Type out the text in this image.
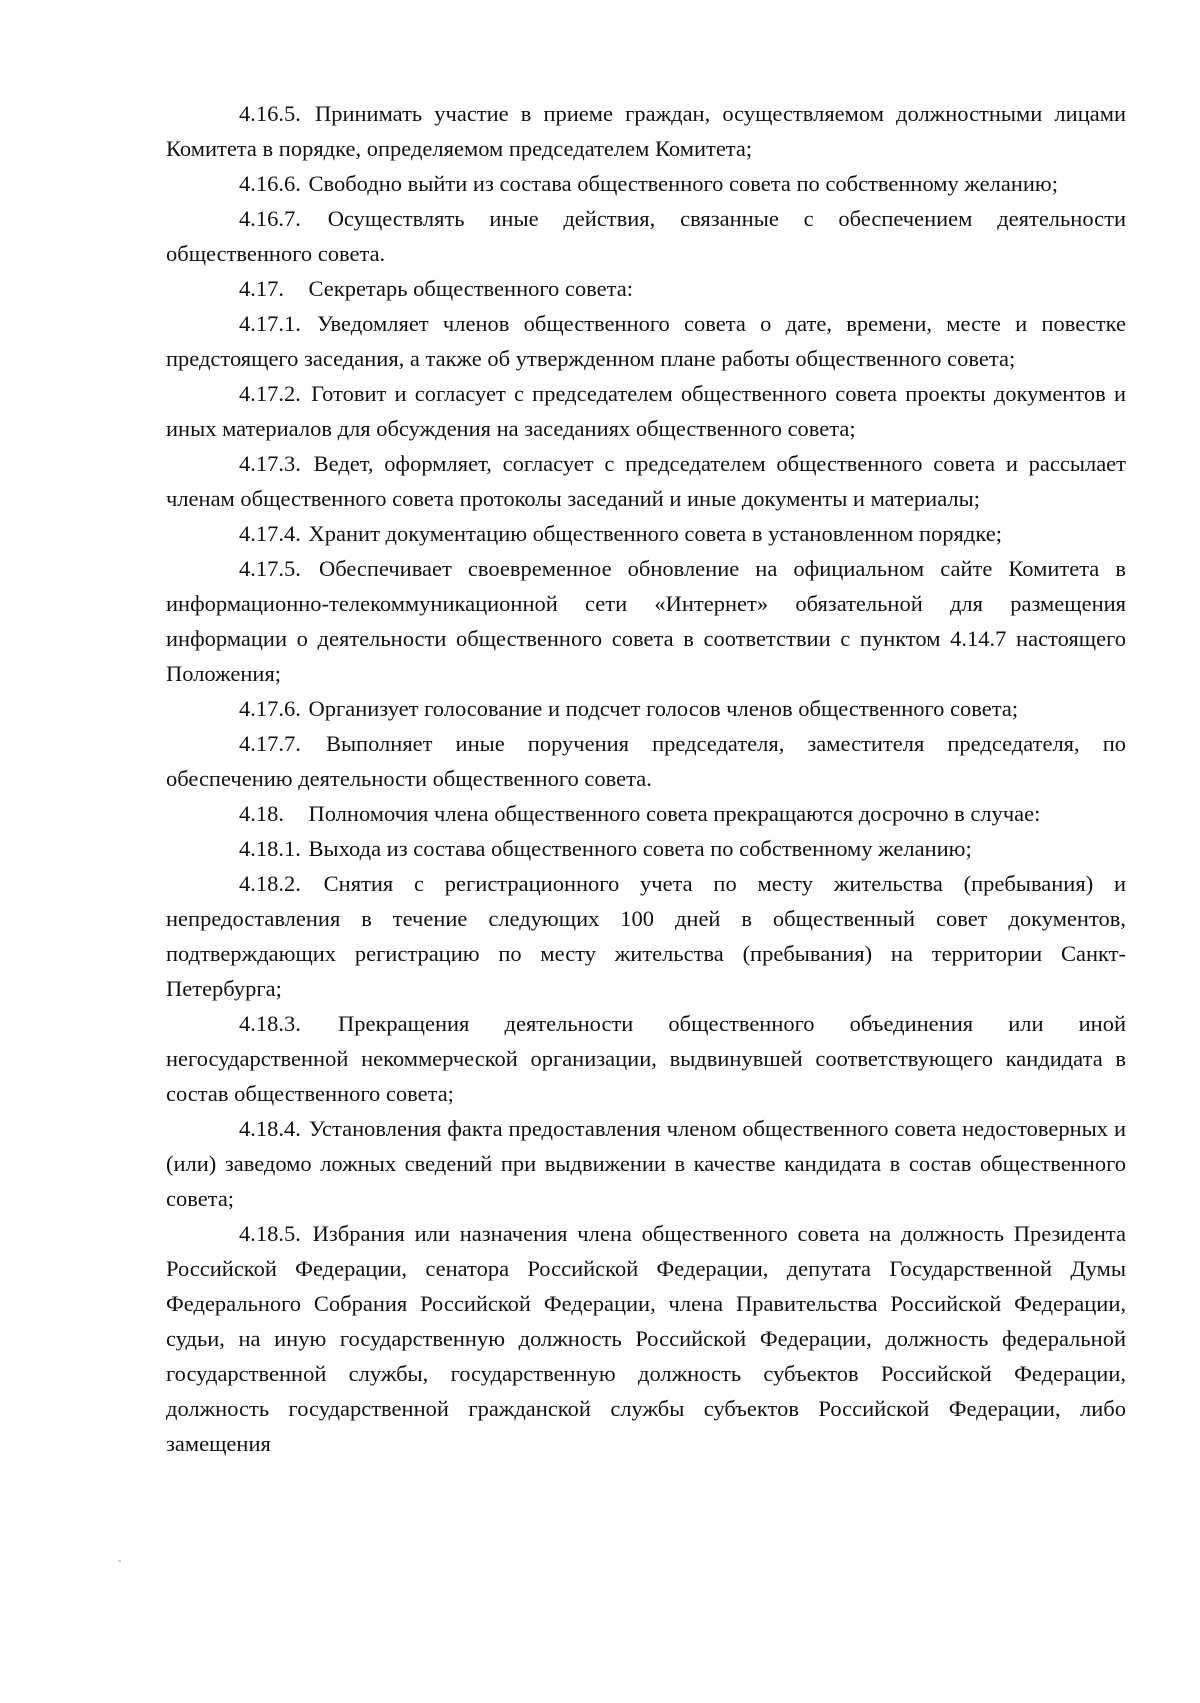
4.16.5. Принимать участие в приеме граждан, осуществляемом должностными лицами Комитета в порядке, определяемом председателем Комитета;

4.16.6. Свободно выйти из состава общественного совета по собственному желанию;

4.16.7. Осуществлять иные действия, связанные с обеспечением деятельности общественного совета.

4.17. Секретарь общественного совета:

4.17.1. Уведомляет членов общественного совета о дате, времени, месте и повестке предстоящего заседания, а также об утвержденном плане работы общественного совета;

4.17.2. Готовит и согласует с председателем общественного совета проекты документов и иных материалов для обсуждения на заседаниях общественного совета;

4.17.3. Ведет, оформляет, согласует с председателем общественного совета и рассылает членам общественного совета протоколы заседаний и иные документы и материалы;

4.17.4. Хранит документацию общественного совета в установленном порядке;

4.17.5. Обеспечивает своевременное обновление на официальном сайте Комитета в информационно-телекоммуникационной сети «Интернет» обязательной для размещения информации о деятельности общественного совета в соответствии с пунктом 4.14.7 настоящего Положения;

4.17.6. Организует голосование и подсчет голосов членов общественного совета;

4.17.7. Выполняет иные поручения председателя, заместителя председателя, по обеспечению деятельности общественного совета.

4.18. Полномочия члена общественного совета прекращаются досрочно в случае:

4.18.1. Выхода из состава общественного совета по собственному желанию;

4.18.2. Снятия с регистрационного учета по месту жительства (пребывания) и непредоставления в течение следующих 100 дней в общественный совет документов, подтверждающих регистрацию по месту жительства (пребывания) на территории Санкт-Петербурга;

4.18.3. Прекращения деятельности общественного объединения или иной негосударственной некоммерческой организации, выдвинувшей соответствующего кандидата в состав общественного совета;

4.18.4. Установления факта предоставления членом общественного совета недостоверных и (или) заведомо ложных сведений при выдвижении в качестве кандидата в состав общественного совета;

4.18.5. Избрания или назначения члена общественного совета на должность Президента Российской Федерации, сенатора Российской Федерации, депутата Государственной Думы Федерального Собрания Российской Федерации, члена Правительства Российской Федерации, судьи, на иную государственную должность Российской Федерации, должность федеральной государственной службы, государственную должность субъектов Российской Федерации, должность государственной гражданской службы субъектов Российской Федерации, либо замещения
